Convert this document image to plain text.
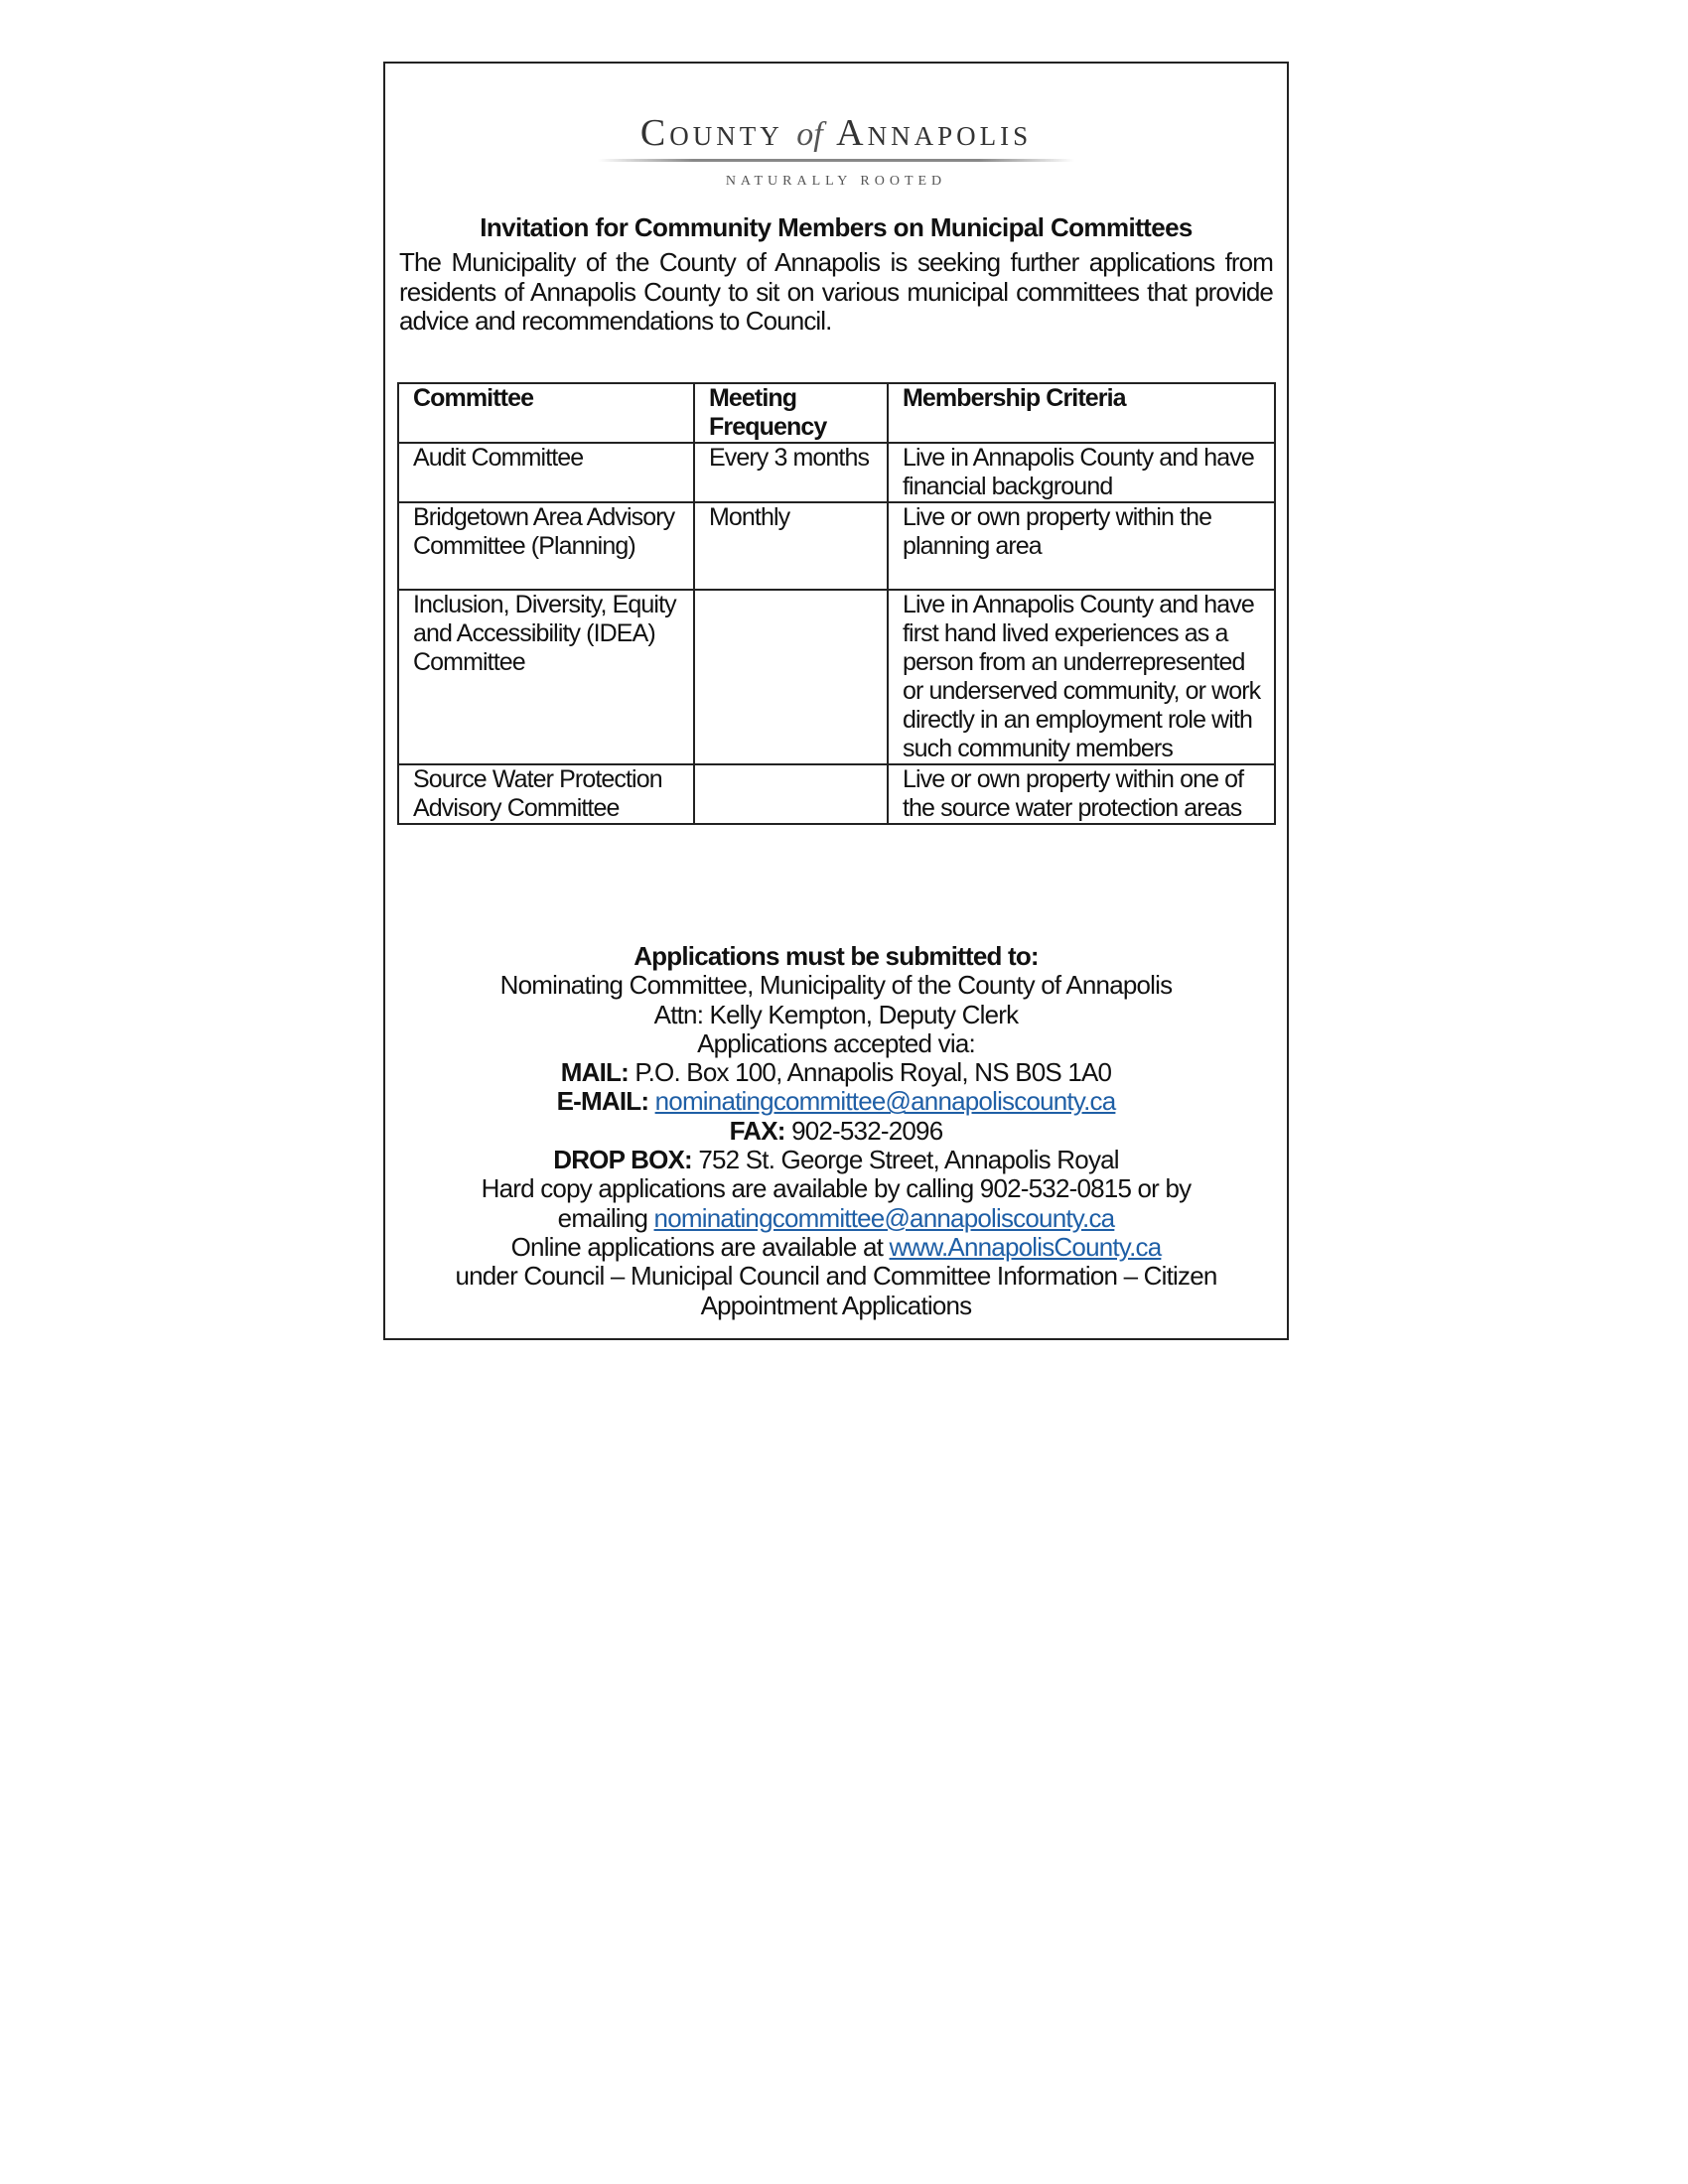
County of Annapolis
NATURALLY ROOTED
Invitation for Community Members on Municipal Committees
The Municipality of the County of Annapolis is seeking further applications from residents of Annapolis County to sit on various municipal committees that provide advice and recommendations to Council.
Committee	Meeting Frequency	Membership Criteria
Audit Committee	Every 3 months	Live in Annapolis County and have financial background
Bridgetown Area Advisory Committee (Planning)	Monthly	Live or own property within the planning area
Inclusion, Diversity, Equity and Accessibility (IDEA) Committee		Live in Annapolis County and have first hand lived experiences as a person from an underrepresented or underserved community, or work directly in an employment role with such community members
Source Water Protection Advisory Committee		Live or own property within one of the source water protection areas
Applications must be submitted to:
Nominating Committee, Municipality of the County of Annapolis
Attn: Kelly Kempton, Deputy Clerk
Applications accepted via:
MAIL: P.O. Box 100, Annapolis Royal, NS B0S 1A0
E-MAIL: nominatingcommittee@annapoliscounty.ca
FAX: 902-532-2096
DROP BOX: 752 St. George Street, Annapolis Royal
Hard copy applications are available by calling 902-532-0815 or by
emailing nominatingcommittee@annapoliscounty.ca
Online applications are available at www.AnnapolisCounty.ca
under Council – Municipal Council and Committee Information – Citizen Appointment Applications
